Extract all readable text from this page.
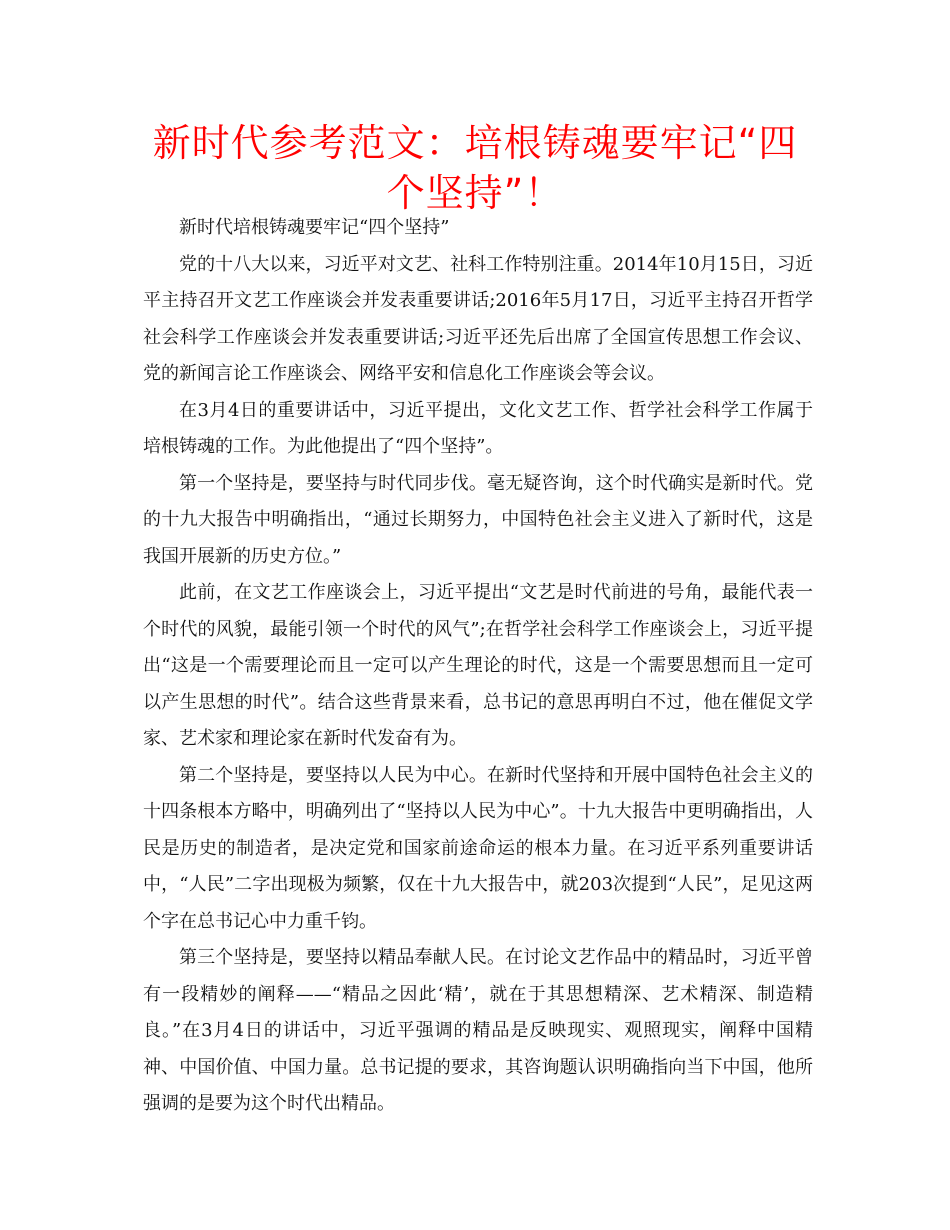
新时代参考范文：培根铸魂要牢记“四个坚持”！

新时代培根铸魂要牢记“四个坚持”

党的十八大以来，习近平对文艺、社科工作特别注重。2014年10月15日，习近平主持召开文艺工作座谈会并发表重要讲话;2016年5月17日，习近平主持召开哲学社会科学工作座谈会并发表重要讲话;习近平还先后出席了全国宣传思想工作会议、党的新闻言论工作座谈会、网络平安和信息化工作座谈会等会议。

在3月4日的重要讲话中，习近平提出，文化文艺工作、哲学社会科学工作属于培根铸魂的工作。为此他提出了“四个坚持”。

第一个坚持是，要坚持与时代同步伐。毫无疑咨询，这个时代确实是新时代。党的十九大报告中明确指出，“通过长期努力，中国特色社会主义进入了新时代，这是我国开展新的历史方位。”

此前，在文艺工作座谈会上，习近平提出“文艺是时代前进的号角，最能代表一个时代的风貌，最能引领一个时代的风气”;在哲学社会科学工作座谈会上，习近平提出“这是一个需要理论而且一定可以产生理论的时代，这是一个需要思想而且一定可以产生思想的时代”。结合这些背景来看，总书记的意思再明白不过，他在催促文学家、艺术家和理论家在新时代发奋有为。

第二个坚持是，要坚持以人民为中心。在新时代坚持和开展中国特色社会主义的十四条根本方略中，明确列出了“坚持以人民为中心”。十九大报告中更明确指出，人民是历史的制造者，是决定党和国家前途命运的根本力量。在习近平系列重要讲话中，“人民”二字出现极为频繁，仅在十九大报告中，就203次提到“人民”，足见这两个字在总书记心中力重千钧。

第三个坚持是，要坚持以精品奉献人民。在讨论文艺作品中的精品时，习近平曾有一段精妙的阐释——“精品之因此‘精’，就在于其思想精深、艺术精深、制造精良。”在3月4日的讲话中，习近平强调的精品是反映现实、观照现实，阐释中国精神、中国价值、中国力量。总书记提的要求，其咨询题认识明确指向当下中国，他所强调的是要为这个时代出精品。
